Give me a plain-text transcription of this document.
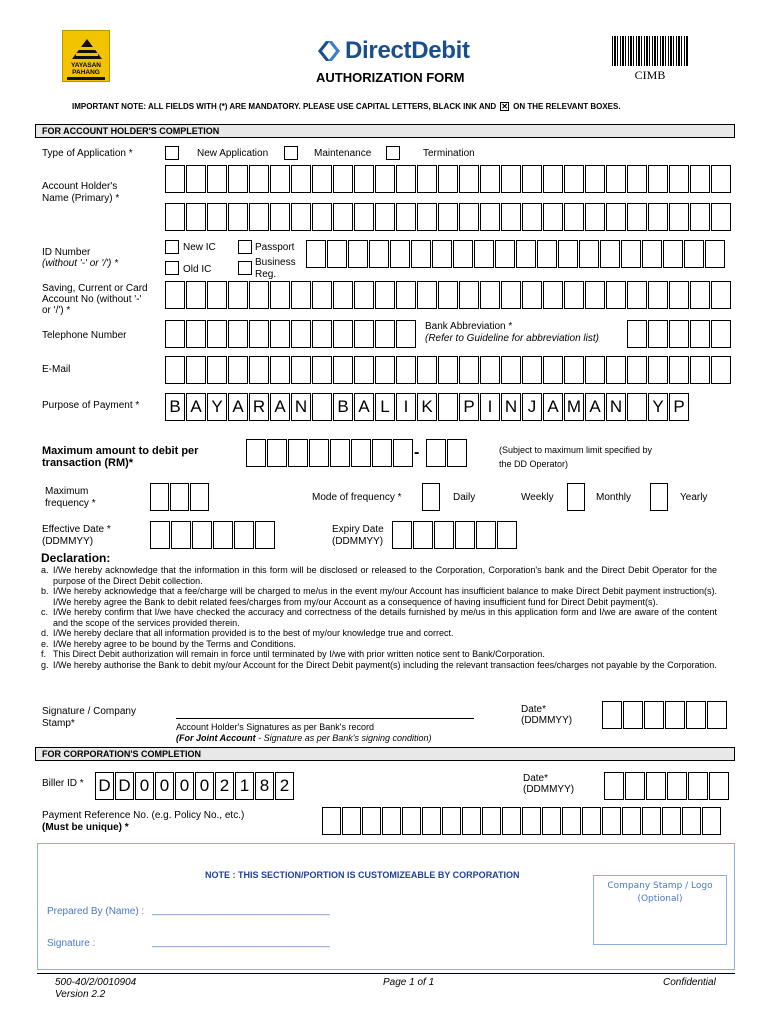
YAYASAN
PAHANG
DirectDebit
AUTHORIZATION FORM	CIMB
IMPORTANT NOTE: ALL FIELDS WITH (*) ARE MANDATORY. PLEASE USE CAPITAL LETTERS, BLACK INK AND ✕ ON THE RELEVANT BOXES.
FOR ACCOUNT HOLDER'S COMPLETION
Type of Application *	New Application	Maintenance	Termination
Account Holder's
Name (Primary) *
ID Number
(without '-' or '/') *
New IC
Old IC
Passport
Business Reg.
Saving, Current or Card
Account No (without '-'
or '/') *
Telephone Number
Bank Abbreviation *
(Refer to Guideline for abbreviation list)
E-Mail
Purpose of Payment * B A Y A R A N B A L I K P I N J A M A N Y P
Maximum amount to debit per
transaction (RM)*
-	(Subject to maximum limit specified by
the DD Operator)
Maximum
frequency *
Mode of frequency *	Daily	Weekly	Monthly	Yearly
Effective Date *
(DDMMYY)
Expiry Date
(DDMMYY)
Declaration:
a. I/We hereby acknowledge that the information in this form will be disclosed or released to the Corporation, Corporation's bank and the Direct Debit Operator for the purpose of the Direct Debit collection.
b. I/We hereby acknowledge that a fee/charge will be charged to me/us in the event my/our Account has insufficient balance to make Direct Debit payment instruction(s). I/We hereby agree the Bank to debit related fees/charges from my/our Account as a consequence of having insufficient fund for Direct Debit payment(s).
c. I/We hereby confirm that I/we have checked the accuracy and correctness of the details furnished by me/us in this application form and I/we are aware of the content and the scope of the services provided therein.
d. I/We hereby declare that all information provided is to the best of my/our knowledge true and correct.
e. I/We hereby agree to be bound by the Terms and Conditions.
f. This Direct Debit authorization will remain in force until terminated by I/we with prior written notice sent to Bank/Corporation.
g. I/We hereby authorise the Bank to debit my/our Account for the Direct Debit payment(s) including the relevant transaction fees/charges not payable by the Corporation.
Signature / Company
Stamp*	Account Holder's Signatures as per Bank's record
(For Joint Account - Signature as per Bank's signing condition)
Date*
(DDMMYY)
FOR CORPORATION'S COMPLETION
Biller ID * D D 0 0 0 0 2 1 8 2	Date*
(DDMMYY)
Payment Reference No. (e.g. Policy No., etc.)
(Must be unique) *
NOTE : THIS SECTION/PORTION IS CUSTOMIZEABLE BY CORPORATION
Company Stamp / Logo
(Optional)
Prepared By (Name) : ________________________________
Signature :	________________________________
500-40/2/0010904
Version 2.2
Page 1 of 1	Confidential
